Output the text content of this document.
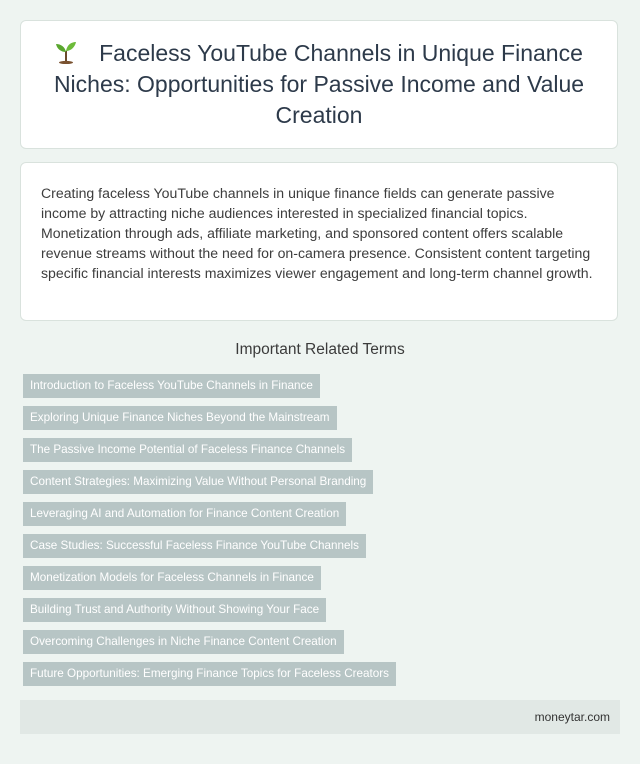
Faceless YouTube Channels in Unique Finance Niches: Opportunities for Passive Income and Value Creation

Creating faceless YouTube channels in unique finance fields can generate passive income by attracting niche audiences interested in specialized financial topics. Monetization through ads, affiliate marketing, and sponsored content offers scalable revenue streams without the need for on-camera presence. Consistent content targeting specific financial interests maximizes viewer engagement and long-term channel growth.

Important Related Terms
Introduction to Faceless YouTube Channels in Finance
Exploring Unique Finance Niches Beyond the Mainstream
The Passive Income Potential of Faceless Finance Channels
Content Strategies: Maximizing Value Without Personal Branding
Leveraging AI and Automation for Finance Content Creation
Case Studies: Successful Faceless Finance YouTube Channels
Monetization Models for Faceless Channels in Finance
Building Trust and Authority Without Showing Your Face
Overcoming Challenges in Niche Finance Content Creation
Future Opportunities: Emerging Finance Topics for Faceless Creators
moneytar.com
